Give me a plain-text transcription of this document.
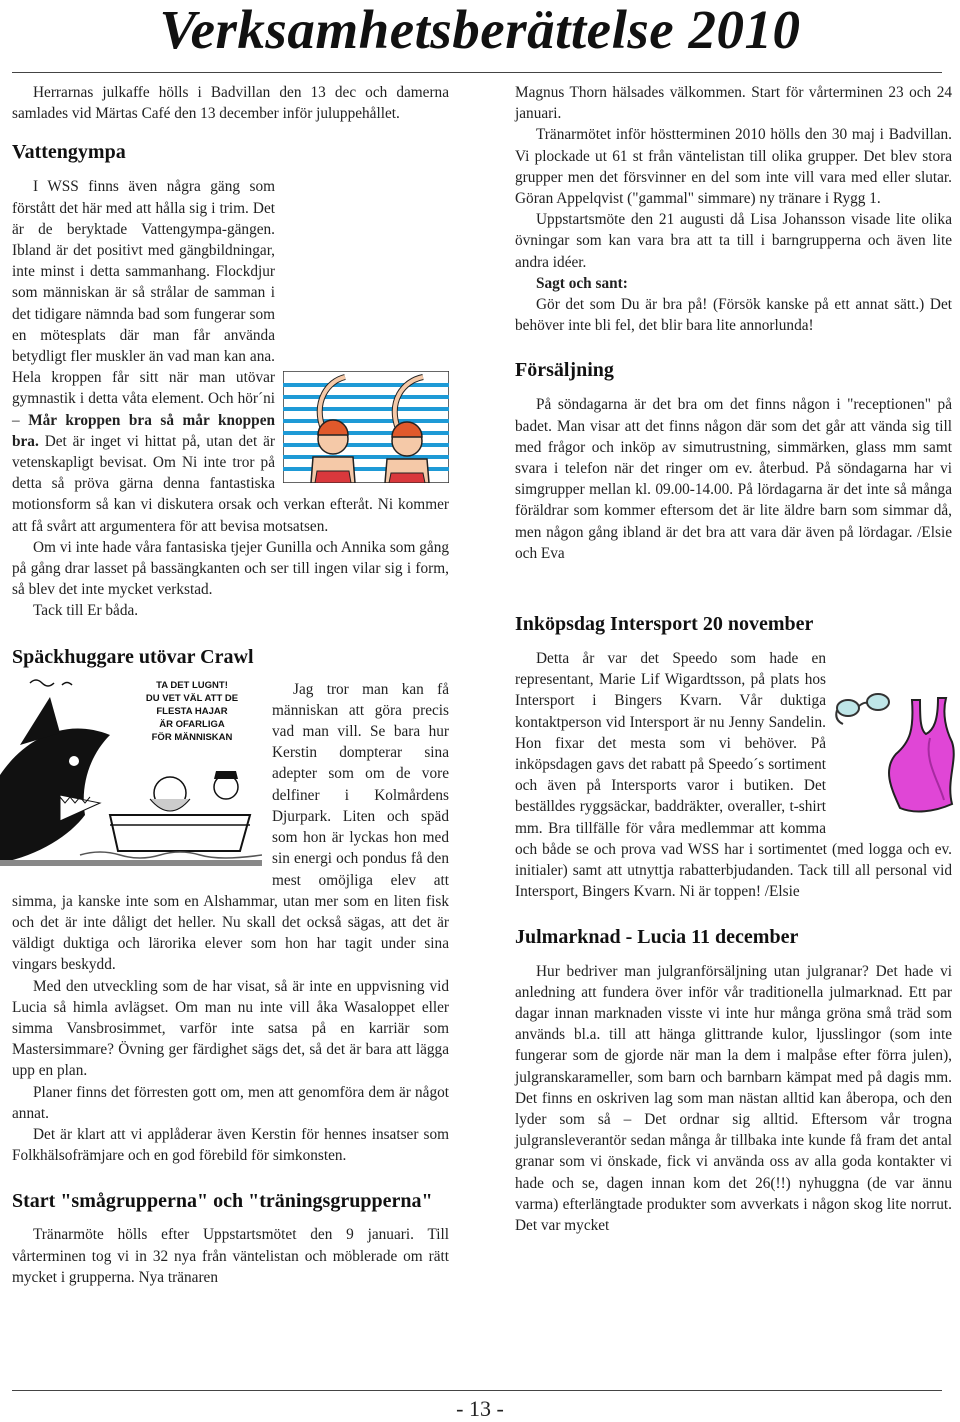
Verksamhetsberättelse 2010

Herrarnas julkaffe hölls i Badvillan den 13 dec och damerna samlades vid Märtas Café den 13 december inför juluppehållet.

Vattengympa

I WSS finns även några gäng som förstått det här med att hålla sig i trim. Det är de beryktade Vattengympa-gängen. Ibland är det positivt med gängbildningar, inte minst i detta sammanhang. Flockdjur som människan är så strålar de samman i det tidigare nämnda bad som fungerar som en mötesplats där man får använda betydligt fler muskler än vad man kan ana. Hela kroppen får sitt när man utövar gymnastik i detta våta element. Och hör´ni – Mår kroppen bra så mår knoppen bra. Det är inget vi hittat på, utan det är vetenskapligt bevisat. Om Ni inte tror på detta så pröva gärna denna fantastiska motionsform så kan vi diskutera orsak och verkan efteråt. Ni kommer att få svårt att argumentera för att bevisa motsatsen.

Om vi inte hade våra fantasiska tjejer Gunilla och Annika som gång på gång drar lasset på bassängkanten och ser till ingen vilar sig i form, så blev det inte mycket verkstad.

Tack till Er båda.

Späckhuggare utövar Crawl
TA DET LUGNT!
DU VET VÄL ATT DE
FLESTA HAJAR
ÄR OFARLIGA
FÖR MÄNNISKAN

Jag tror man kan få människan att göra precis vad man vill. Se bara hur Kerstin dompterar sina adepter som om de vore delfiner i Kolmårdens Djurpark. Liten och späd som hon är lyckas hon med sin energi och pondus få den mest omöjliga elev att simma, ja kanske inte som en Alshammar, utan mer som en liten fisk och det är inte dåligt det heller. Nu skall det också sägas, att det är väldigt duktiga och lärorika elever som hon har tagit under sina vingars beskydd.

Med den utveckling som de har visat, så är inte en uppvisning vid Lucia så himla avlägset. Om man nu inte vill åka Wasaloppet eller simma Vansbrosimmet, varför inte satsa på en karriär som Mastersimmare? Övning ger färdighet sägs det, så det är bara att lägga upp en plan.

Planer finns det förresten gott om, men att genomföra dem är något annat.

Det är klart att vi applåderar även Kerstin för hennes insatser som Folkhälsofrämjare och en god förebild för simkonsten.

Start "smågrupperna" och "träningsgrupperna"

Tränarmöte hölls efter Uppstartsmötet den 9 januari. Till vårterminen tog vi in 32 nya från väntelistan och möblerade om rätt mycket i grupperna. Nya tränaren

Magnus Thorn hälsades välkommen. Start för vårterminen 23 och 24 januari.

Tränarmötet inför höstterminen 2010 hölls den 30 maj i Badvillan. Vi plockade ut 61 st från väntelistan till olika grupper. Det blev stora grupper men det försvinner en del som inte vill vara med eller slutar. Göran Appelqvist ("gammal" simmare) ny tränare i Rygg 1.

Uppstartsmöte den 21 augusti då Lisa Johansson visade lite olika övningar som kan vara bra att ta till i barngrupperna och även lite andra idéer.

Sagt och sant:

Gör det som Du är bra på! (Försök kanske på ett annat sätt.) Det behöver inte bli fel, det blir bara lite annorlunda!

Försäljning

På söndagarna är det bra om det finns någon i "receptionen" på badet. Man visar att det finns någon där som det går att vända sig till med frågor och inköp av simutrustning, simmärken, glass mm samt svara i telefon när det ringer om ev. återbud. På söndagarna har vi simgrupper mellan kl. 09.00-14.00. På lördagarna är det inte så många föräldrar som kommer eftersom det är lite äldre barn som simmar då, men någon gång ibland är det bra att vara där även på lördagar. /Elsie och Eva

Inköpsdag Intersport 20 november

Detta år var det Speedo som hade en representant, Marie Lif Wigardtsson, på plats hos Intersport i Bingers Kvarn. Vår duktiga kontaktperson vid Intersport är nu Jenny Sandelin. Hon fixar det mesta som vi behöver. På inköpsdagen gavs det rabatt på Speedo´s sortiment och även på Intersports varor i butiken. Det beställdes ryggsäckar, baddräkter, overaller, t-shirt mm. Bra tillfälle för våra medlemmar att komma och både se och prova vad WSS har i sortimentet (med logga och ev. initialer) samt att utnyttja rabatterbjudanden. Tack till all personal vid Intersport, Bingers Kvarn. Ni är toppen! /Elsie

Julmarknad - Lucia 11 december

Hur bedriver man julgranförsäljning utan julgranar? Det hade vi anledning att fundera över inför vår traditionella julmarknad. Ett par dagar innan marknaden visste vi inte hur många gröna små träd som används bl.a. till att hänga glittrande kulor, ljusslingor (som inte fungerar som de gjorde när man la dem i malpåse efter förra julen), julgranskarameller, som barn och barnbarn kämpat med på dagis mm. Det finns en oskriven lag som man nästan alltid kan åberopa, och den lyder som så – Det ordnar sig alltid. Eftersom vår trogna julgransleverantör sedan många år tillbaka inte kunde få fram det antal granar som vi önskade, fick vi använda oss av alla goda kontakter vi hade och se, dagen innan kom det 26(!!) nyhuggna (de var ännu varma) efterlängtade produkter som avverkats i någon skog lite norrut. Det var mycket

- 13 -
